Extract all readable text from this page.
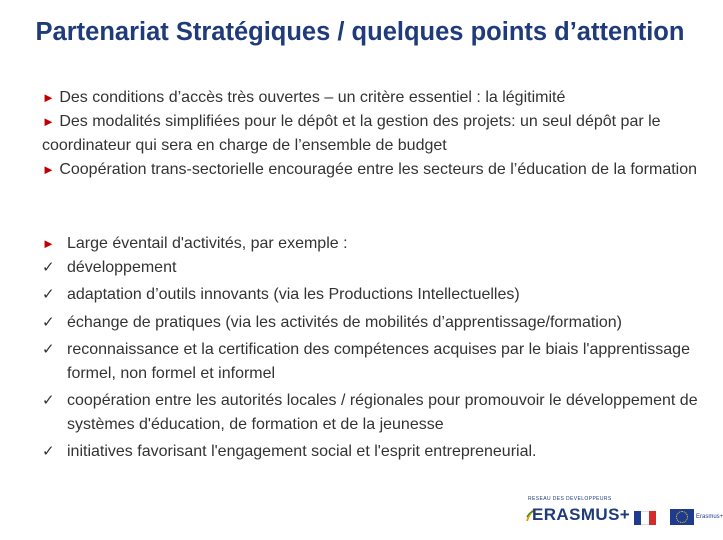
Partenariat Stratégiques / quelques points d’attention

► Des conditions d’accès très ouvertes – un critère essentiel : la légitimité

► Des modalités simplifiées pour le dépôt et la gestion des projets: un seul dépôt par le coordinateur qui sera en charge de l’ensemble de budget

► Coopération trans-sectorielle encouragée entre les secteurs de l’éducation de la formation

► Large éventail d'activités, par exemple :
✓ développement
✓ adaptation d’outils innovants (via les Productions Intellectuelles)
✓ échange de pratiques (via les activités de mobilités d’apprentissage/formation)
✓ reconnaissance et la certification des compétences acquises par le biais l'apprentissage formel, non formel et informel
✓ coopération entre les autorités locales / régionales pour promouvoir le développement de systèmes d'éducation, de formation et de la jeunesse
✓ initiatives favorisant l'engagement social et l'esprit entrepreneurial.
RESEAU DES DEVELOPPEURS
ERASMUS+	Erasmus+
